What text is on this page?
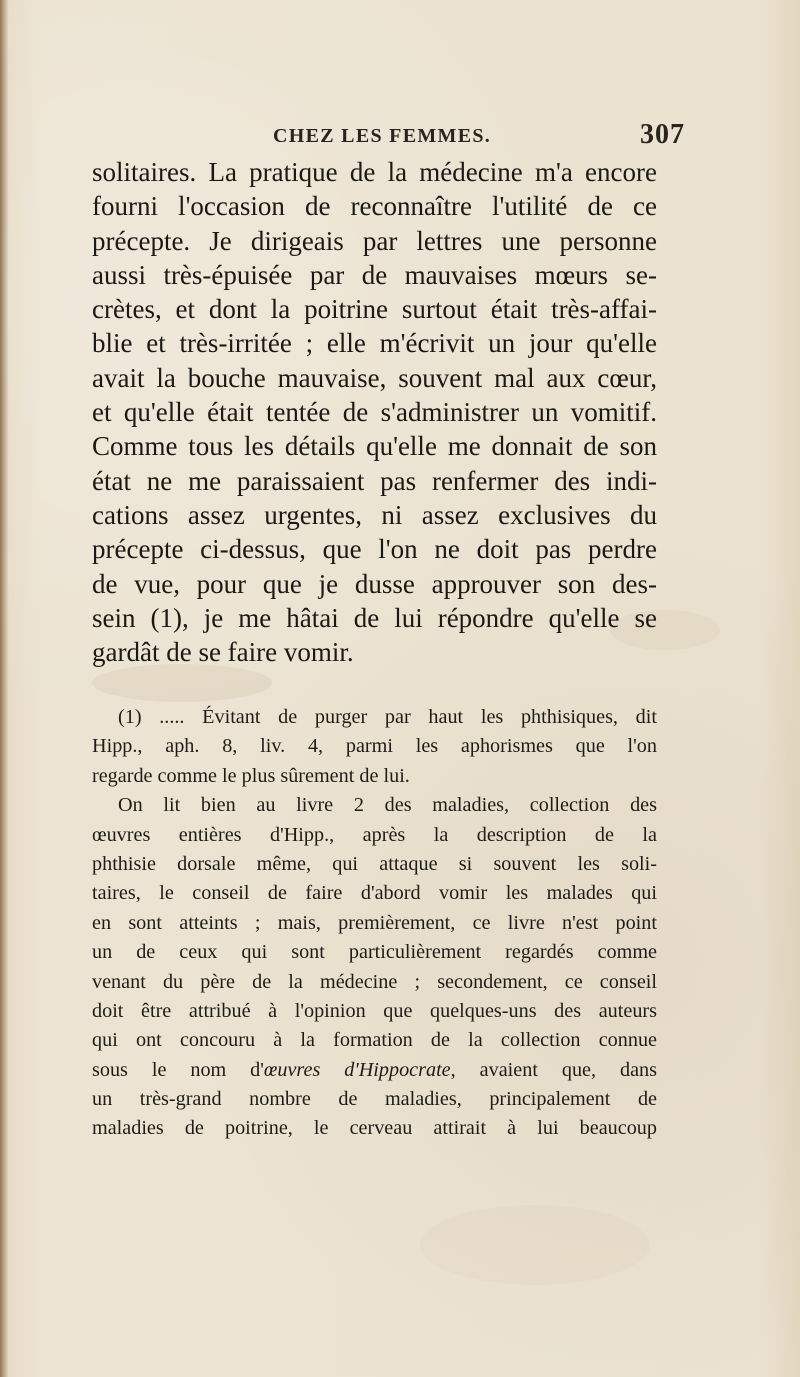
CHEZ LES FEMMES.	307
solitaires. La pratique de la médecine m'a encore
fourni l'occasion de reconnaître l'utilité de ce
précepte. Je dirigeais par lettres une personne
aussi très-épuisée par de mauvaises mœurs se-
crètes, et dont la poitrine surtout était très-affai-
blie et très-irritée ; elle m'écrivit un jour qu'elle
avait la bouche mauvaise, souvent mal aux cœur,
et qu'elle était tentée de s'administrer un vomitif.
Comme tous les détails qu'elle me donnait de son
état ne me paraissaient pas renfermer des indi-
cations assez urgentes, ni assez exclusives du
précepte ci-dessus, que l'on ne doit pas perdre
de vue, pour que je dusse approuver son des-
sein (1), je me hâtai de lui répondre qu'elle se
gardât de se faire vomir.
(1) ..... Évitant de purger par haut les phthisiques, dit
Hipp., aph. 8, liv. 4, parmi les aphorismes que l'on
regarde comme le plus sûrement de lui.
On lit bien au livre 2 des maladies, collection des
œuvres entières d'Hipp., après la description de la
phthisie dorsale même, qui attaque si souvent les soli-
taires, le conseil de faire d'abord vomir les malades qui
en sont atteints ; mais, premièrement, ce livre n'est point
un de ceux qui sont particulièrement regardés comme
venant du père de la médecine ; secondement, ce conseil
doit être attribué à l'opinion que quelques-uns des auteurs
qui ont concouru à la formation de la collection connue
sous le nom d'œuvres d'Hippocrate, avaient que, dans
un très-grand nombre de maladies, principalement de
maladies de poitrine, le cerveau attirait à lui beaucoup
